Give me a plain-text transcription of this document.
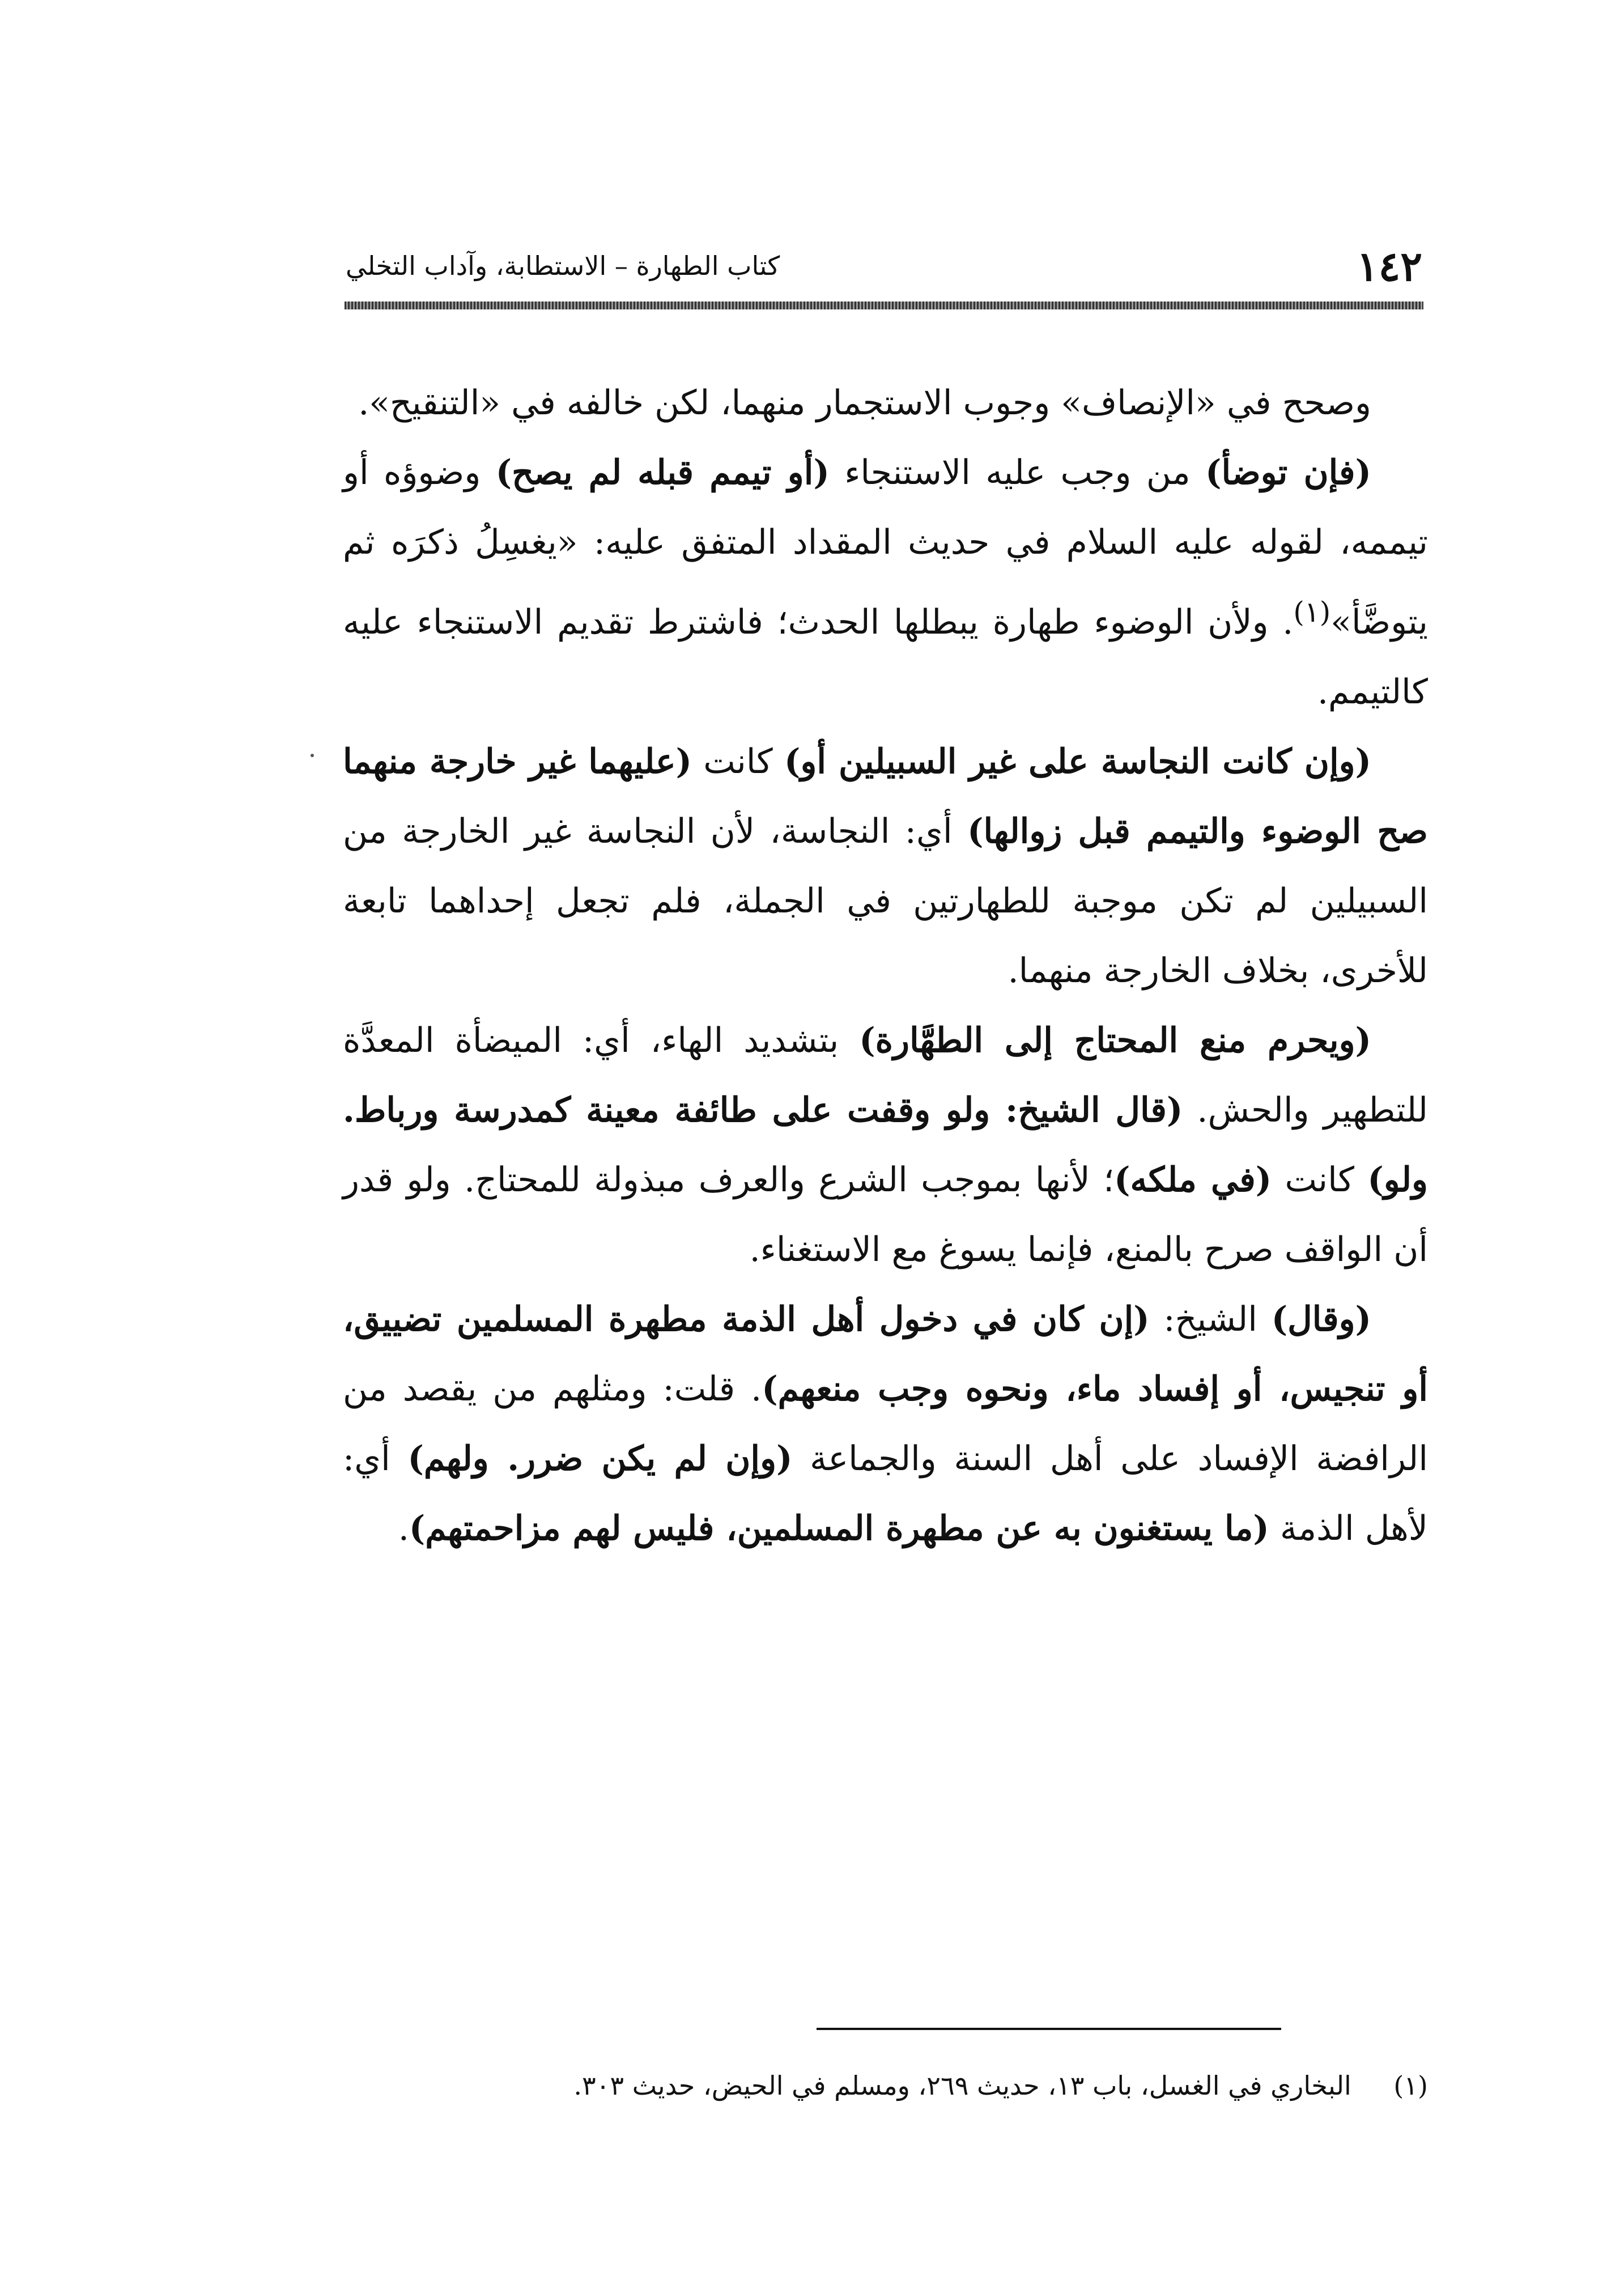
١٤٢
كتاب الطهارة – الاستطابة، وآداب التخلي

وصحح في «الإنصاف» وجوب الاستجمار منهما، لكن خالفه في «التنقيح».

(فإن توضأ) من وجب عليه الاستنجاء (أو تيمم قبله لم يصح) وضوؤه أو تيممه، لقوله عليه السلام في حديث المقداد المتفق عليه: «يغسِلُ ذكرَه ثم يتوضَّأ»$^{(١)}$. ولأن الوضوء طهارة يبطلها الحدث؛ فاشترط تقديم الاستنجاء عليه كالتيمم.

(وإن كانت النجاسة على غير السبيلين أو) كانت (عليهما غير خارجة منهما صح الوضوء والتيمم قبل زوالها) أي: النجاسة، لأن النجاسة غير الخارجة من السبيلين لم تكن موجبة للطهارتين في الجملة، فلم تجعل إحداهما تابعة للأخرى، بخلاف الخارجة منهما.

(ويحرم منع المحتاج إلى الطهَّارة) بتشديد الهاء، أي: الميضأة المعدَّة للتطهير والحش. (قال الشيخ: ولو وقفت على طائفة معينة كمدرسة ورباط. ولو) كانت (في ملكه)؛ لأنها بموجب الشرع والعرف مبذولة للمحتاج. ولو قدر أن الواقف صرح بالمنع، فإنما يسوغ مع الاستغناء.

(وقال) الشيخ: (إن كان في دخول أهل الذمة مطهرة المسلمين تضييق، أو تنجيس، أو إفساد ماء، ونحوه وجب منعهم). قلت: ومثلهم من يقصد من الرافضة الإفساد على أهل السنة والجماعة (وإن لم يكن ضرر. ولهم) أي: لأهل الذمة (ما يستغنون به عن مطهرة المسلمين، فليس لهم مزاحمتهم).

(١) البخاري في الغسل، باب ١٣، حديث ٢٦٩، ومسلم في الحيض، حديث ٣٠٣.
